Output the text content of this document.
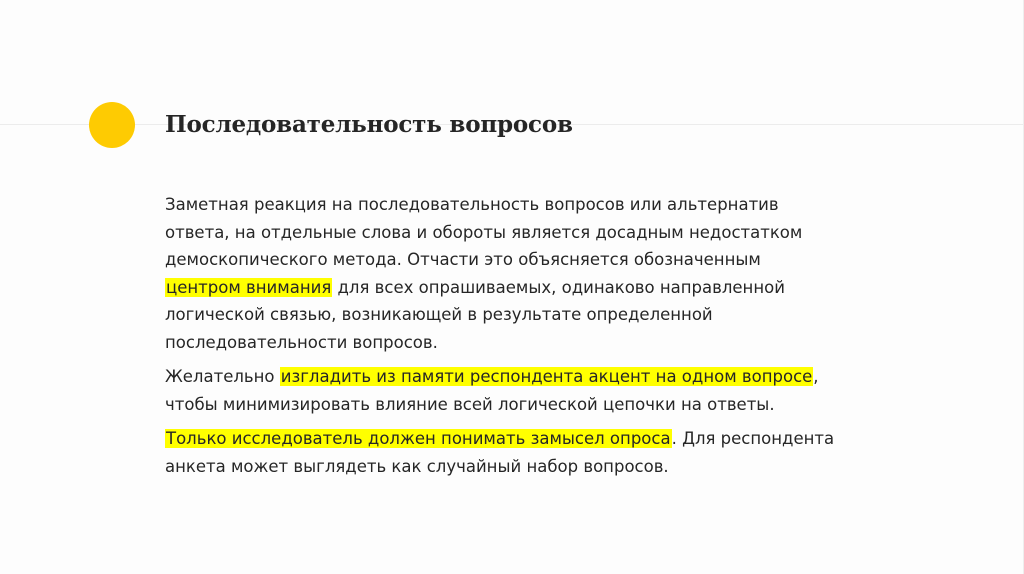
Последовательность вопросов

Заметная реакция на последовательность вопросов или альтернатив
ответа, на отдельные слова и обороты является досадным недостатком
демоскопического метода. Отчасти это объясняется обозначенным
центром внимания для всех опрашиваемых, одинаково направленной
логической связью, возникающей в результате определенной
последовательности вопросов.

Желательно изгладить из памяти респондента акцент на одном вопросе,
чтобы минимизировать влияние всей логической цепочки на ответы.

Только исследователь должен понимать замысел опроса. Для респондента
анкета может выглядеть как случайный набор вопросов.
